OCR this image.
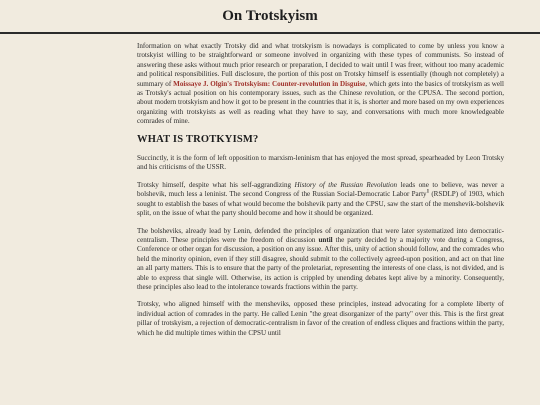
On Trotskyism

Information on what exactly Trotsky did and what trotskyism is nowadays is complicated to come by unless you know a trotskyist willing to be straightforward or someone involved in organizing with these types of communists. So instead of answering these asks without much prior research or preparation, I decided to wait until I was freer, without too many academic and political responsibilities. Full disclosure, the portion of this post on Trotsky himself is essentially (though not completely) a summary of Moissaye J. Olgin's Trotskyism: Counter-revolution in Disguise, which gets into the basics of trotskyism as well as Trotsky's actual position on his contemporary issues, such as the Chinese revolution, or the CPUSA. The second portion, about modern trotskyism and how it got to be present in the countries that it is, is shorter and more based on my own experiences organizing with trotskyists as well as reading what they have to say, and conversations with much more knowledgeable comrades of mine.

WHAT IS TROTKYISM?

Succinctly, it is the form of left opposition to marxism-leninism that has enjoyed the most spread, spearheaded by Leon Trotsky and his criticisms of the USSR.

Trotsky himself, despite what his self-aggrandizing History of the Russian Revolution leads one to believe, was never a bolshevik, much less a leninist. The second Congress of the Russian Social-Democratic Labor Party$^1$ (RSDLP) of 1903, which sought to establish the bases of what would become the bolshevik party and the CPSU, saw the start of the menshevik-bolshevik split, on the issue of what the party should become and how it should be organized.

The bolsheviks, already lead by Lenin, defended the principles of organization that were later systematized into democratic-centralism. These principles were the freedom of discussion until the party decided by a majority vote during a Congress, Conference or other organ for discussion, a position on any issue. After this, unity of action should follow, and the comrades who held the minority opinion, even if they still disagree, should submit to the collectively agreed-upon position, and act on that line an all party matters. This is to ensure that the party of the proletariat, representing the interests of one class, is not divided, and is able to express that single will. Otherwise, its action is crippled by unending debates kept alive by a minority. Consequently, these principles also lead to the intolerance towards fractions within the party.

Trotsky, who aligned himself with the mensheviks, opposed these principles, instead advocating for a complete liberty of individual action of comrades in the party. He called Lenin "the great disorganizer of the party" over this. This is the first great pillar of trotskyism, a rejection of democratic-centralism in favor of the creation of endless cliques and fractions within the party, which he did multiple times within the CPSU until
